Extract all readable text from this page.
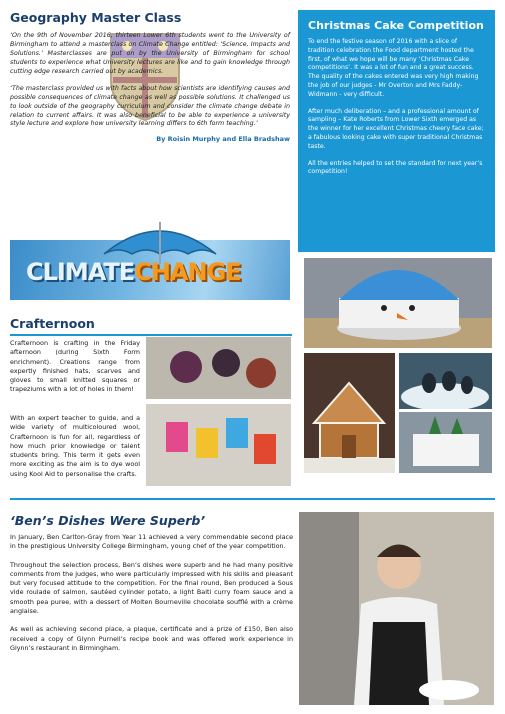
Geography Master Class

‘On the 9th of November 2016, thirteen Lower 6th students went to the University of Birmingham to attend a masterclass on Climate Change entitled: ‘Science, Impacts and Solutions.’ Masterclasses are put on by the University of Birmingham for school students to experience what University lectures are like and to gain knowledge through cutting edge research carried out by academics.

‘The masterclass provided us with facts about how scientists are identifying causes and possible consequences of climate change as well as possible solutions. It challenged us to look outside of the geography curriculum and consider the climate change debate in relation to current affairs. It was also beneficial to be able to experience a university style lecture and explore how university learning differs to 6th form teaching.’

By Roisin Murphy and Ella Bradshaw
CLIMATECHANGE
Christmas Cake Competition

To end the festive season of 2016 with a slice of tradition celebration the Food department hosted the first, of what we hope will be many ‘Christmas Cake competitions’. It was a lot of fun and a great success. The quality of the cakes entered was very high making the job of our judges - Mr Overton and Mrs Faddy-Widmann - very difficult.

After much deliberation – and a professional amount of sampling – Kate Roberts from Lower Sixth emerged as the winner for her excellent Christmas cheery face cake; a fabulous looking cake with super traditional Christmas taste.

All the entries helped to set the standard for next year’s competition!

Crafternoon
Crafternoon is crafting in the Friday afternoon (during Sixth Form enrichment). Creations range from expertly finished hats, scarves and gloves to small knitted squares or trapeziums with a lot of holes in them!
With an expert teacher to guide, and a wide variety of multicoloured wool, Crafternoon is fun for all, regardless of how much prior knowledge or talent students bring. This term it gets even more exciting as the aim is to dye wool using Kool Aid to personalise the crafts.
‘Ben’s Dishes Were Superb’

In January, Ben Carlton-Gray from Year 11 achieved a very commendable second place in the prestigious University College Birmingham, young chef of the year competition.

Throughout the selection process, Ben’s dishes were superb and he had many positive comments from the judges, who were particularly impressed with his skills and pleasant but very focused attitude to the competition. For the final round, Ben produced a Sous vide roulade of salmon, sautéed cylinder potato, a light Balti curry foam sauce and a smooth pea puree, with a dessert of Molten Bourneville chocolate soufflé with a crème anglaise.

As well as achieving second place, a plaque, certificate and a prize of £150, Ben also received a copy of Glynn Purnell’s recipe book and was offered work experience in Glynn’s restaurant in Birmingham.
